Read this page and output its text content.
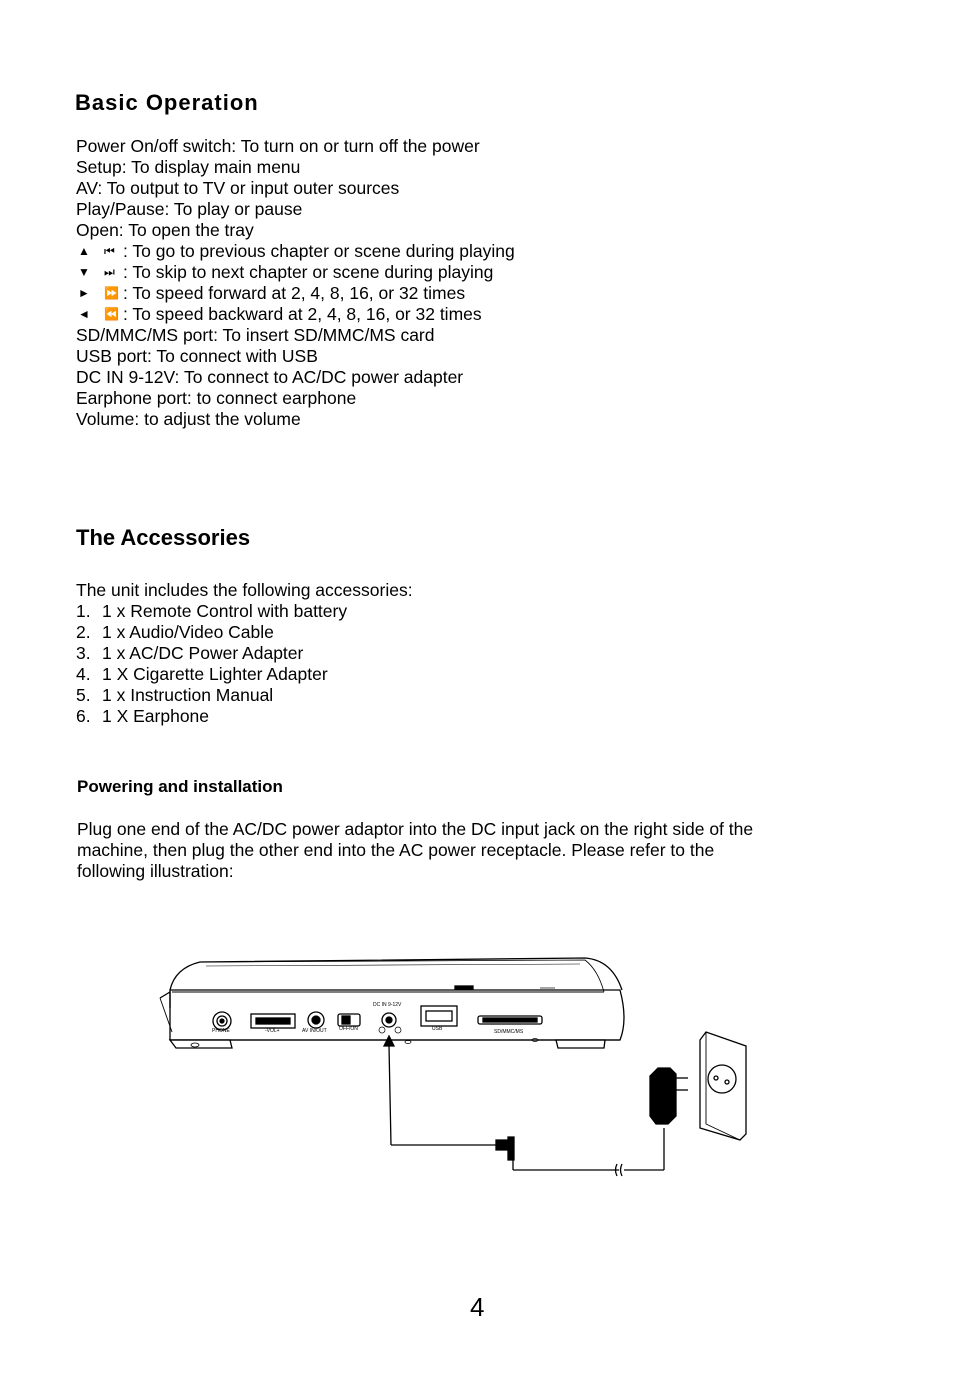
Basic Operation
Power On/off switch: To turn on or turn off the power
Setup: To display main menu
AV: To output to TV or input outer sources
Play/Pause: To play or pause
Open: To open the tray
▲ ⏮ : To go to previous chapter or scene during playing
▼ ⏭ : To skip to next chapter or scene during playing
► ⏩ : To speed forward at 2, 4, 8, 16, or 32 times
◄ ⏪ : To speed backward at 2, 4, 8, 16, or 32 times
SD/MMC/MS port: To insert SD/MMC/MS card
USB port: To connect with USB
DC IN 9-12V: To connect to AC/DC power adapter
Earphone port: to connect earphone
Volume: to adjust the volume
The Accessories
The unit includes the following accessories:
1. 1 x Remote Control with battery
2. 1 x Audio/Video Cable
3. 1 x AC/DC Power Adapter
4. 1 X Cigarette Lighter Adapter
5. 1 x Instruction Manual
6. 1 X Earphone
Powering and installation
Plug one end of the AC/DC power adaptor into the DC input jack on the right side of the
machine, then plug the other end into the AC power receptacle. Please refer to the
following illustration:
PHONE	-VOL+	AV IN/OUT OFF/ON
DC IN 9-12V
USB	SD/MMC/MS
4
